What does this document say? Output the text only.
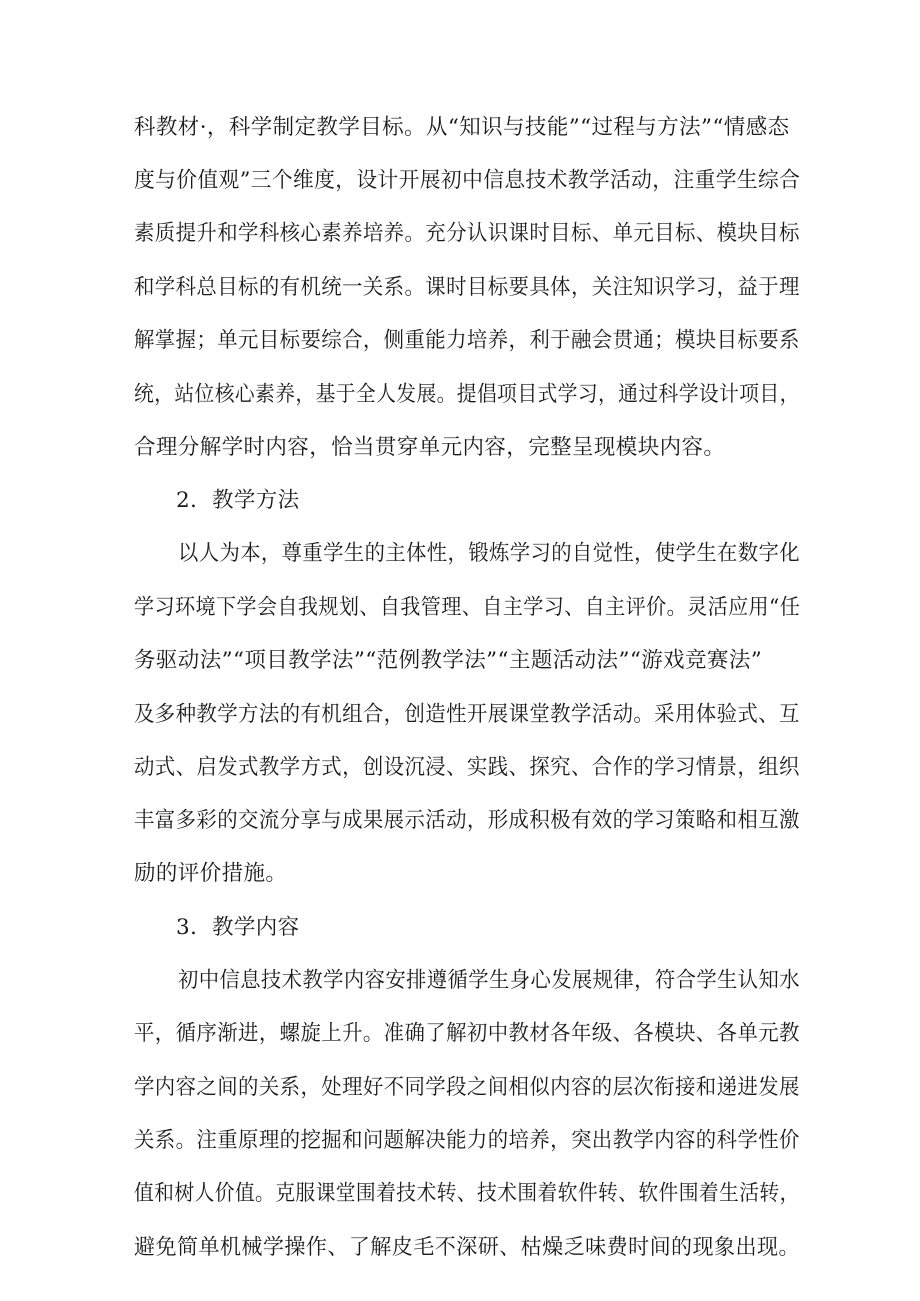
科教材·，科学制定教学目标。从“知识与技能”“过程与方法”“情感态
度与价值观”三个维度，设计开展初中信息技术教学活动，注重学生综合
素质提升和学科核心素养培养。充分认识课时目标、单元目标、模块目标
和学科总目标的有机统一关系。课时目标要具体，关注知识学习，益于理
解掌握；单元目标要综合，侧重能力培养，利于融会贯通；模块目标要系
统，站位核心素养，基于全人发展。提倡项目式学习，通过科学设计项目，
合理分解学时内容，恰当贯穿单元内容，完整呈现模块内容。
2．教学方法
以人为本，尊重学生的主体性，锻炼学习的自觉性，使学生在数字化
学习环境下学会自我规划、自我管理、自主学习、自主评价。灵活应用“任
务驱动法”“项目教学法”“范例教学法”“主题活动法”“游戏竞赛法”
及多种教学方法的有机组合，创造性开展课堂教学活动。采用体验式、互
动式、启发式教学方式，创设沉浸、实践、探究、合作的学习情景，组织
丰富多彩的交流分享与成果展示活动，形成积极有效的学习策略和相互激
励的评价措施。
3．教学内容
初中信息技术教学内容安排遵循学生身心发展规律，符合学生认知水
平，循序渐进，螺旋上升。准确了解初中教材各年级、各模块、各单元教
学内容之间的关系，处理好不同学段之间相似内容的层次衔接和递进发展
关系。注重原理的挖掘和问题解决能力的培养，突出教学内容的科学性价
值和树人价值。克服课堂围着技术转、技术围着软件转、软件围着生活转，
避免简单机械学操作、了解皮毛不深研、枯燥乏味费时间的现象出现。
